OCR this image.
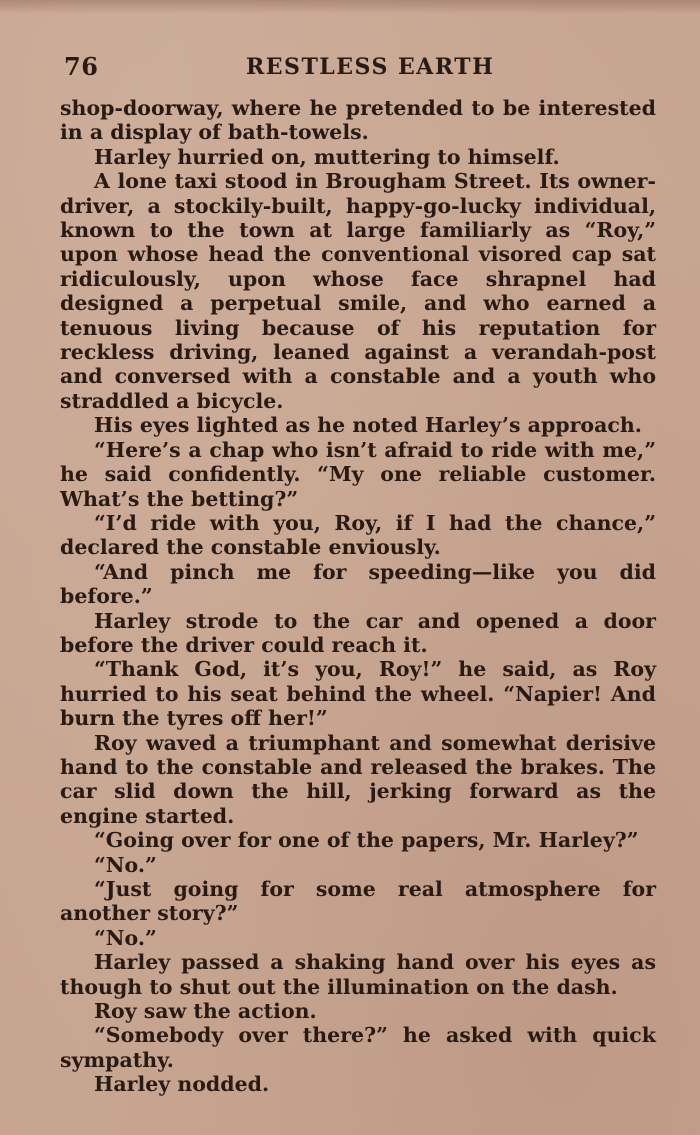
76	RESTLESS EARTH

shop-doorway, where he pretended to be interested in a display of bath-towels.

Harley hurried on, muttering to himself.

A lone taxi stood in Brougham Street. Its owner-driver, a stockily-built, happy-go-lucky individual, known to the town at large familiarly as “Roy,” upon whose head the conventional visored cap sat ridiculously, upon whose face shrapnel had designed a perpetual smile, and who earned a tenuous living because of his reputation for reckless driving, leaned against a verandah-post and conversed with a constable and a youth who straddled a bicycle.

His eyes lighted as he noted Harley’s approach.

“Here’s a chap who isn’t afraid to ride with me,” he said confidently. “My one reliable customer. What’s the betting?”

“I’d ride with you, Roy, if I had the chance,” declared the constable enviously.

“And pinch me for speeding—like you did before.”

Harley strode to the car and opened a door before the driver could reach it.

“Thank God, it’s you, Roy!” he said, as Roy hurried to his seat behind the wheel. “Napier! And burn the tyres off her!”

Roy waved a triumphant and somewhat derisive hand to the constable and released the brakes. The car slid down the hill, jerking forward as the engine started.

“Going over for one of the papers, Mr. Harley?”

“No.”

“Just going for some real atmosphere for another story?”

“No.”

Harley passed a shaking hand over his eyes as though to shut out the illumination on the dash.

Roy saw the action.

“Somebody over there?” he asked with quick sympathy.

Harley nodded.
